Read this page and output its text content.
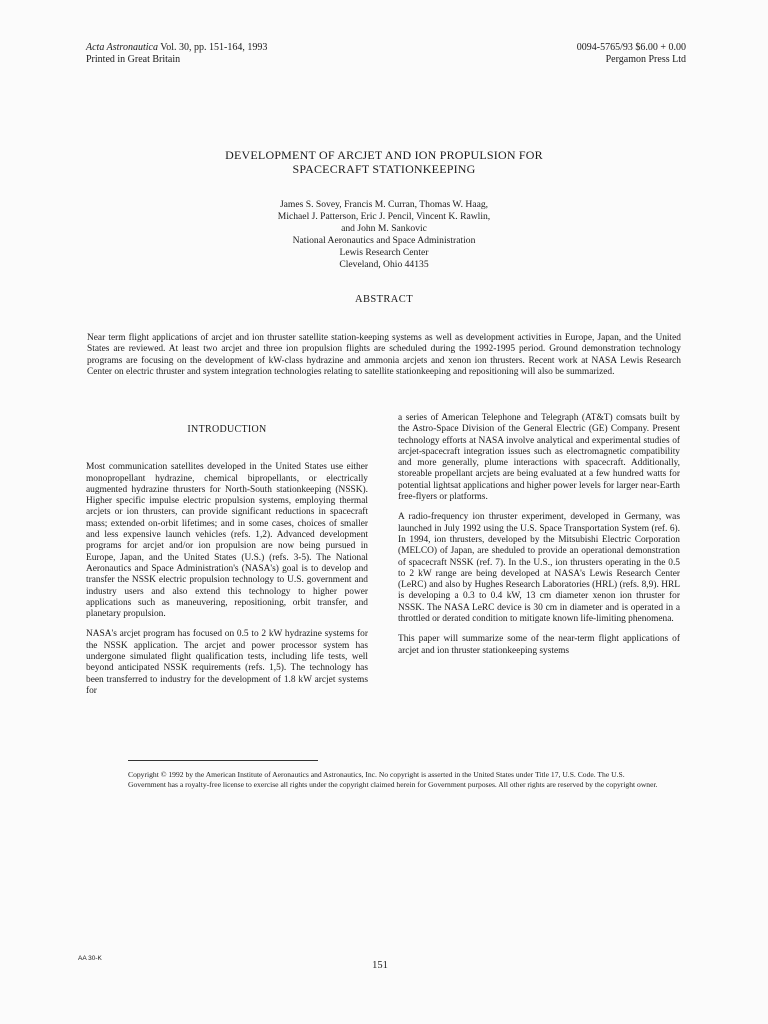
Acta Astronautica Vol. 30, pp. 151-164, 1993
Printed in Great Britain
0094-5765/93 $6.00 + 0.00
Pergamon Press Ltd
DEVELOPMENT OF ARCJET AND ION PROPULSION FOR
SPACECRAFT STATIONKEEPING
James S. Sovey, Francis M. Curran, Thomas W. Haag,
Michael J. Patterson, Eric J. Pencil, Vincent K. Rawlin,
and John M. Sankovic
National Aeronautics and Space Administration
Lewis Research Center
Cleveland, Ohio 44135
ABSTRACT
Near term flight applications of arcjet and ion thruster satellite station-keeping systems as well as development activities in Europe, Japan, and the United States are reviewed. At least two arcjet and three ion propulsion flights are scheduled during the 1992-1995 period. Ground demonstration technology programs are focusing on the development of kW-class hydrazine and ammonia arcjets and xenon ion thrusters. Recent work at NASA Lewis Research Center on electric thruster and system integration technologies relating to satellite stationkeeping and repositioning will also be summarized.
INTRODUCTION

Most communication satellites developed in the United States use either monopropellant hydrazine, chemical bipropellants, or electrically augmented hydrazine thrusters for North-South stationkeeping (NSSK). Higher specific impulse electric propulsion systems, employing thermal arcjets or ion thrusters, can provide significant reductions in spacecraft mass; extended on-orbit lifetimes; and in some cases, choices of smaller and less expensive launch vehicles (refs. 1,2). Advanced development programs for arcjet and/or ion propulsion are now being pursued in Europe, Japan, and the United States (U.S.) (refs. 3-5). The National Aeronautics and Space Administration's (NASA's) goal is to develop and transfer the NSSK electric propulsion technology to U.S. government and industry users and also extend this technology to higher power applications such as maneuvering, repositioning, orbit transfer, and planetary propulsion.

NASA's arcjet program has focused on 0.5 to 2 kW hydrazine systems for the NSSK application. The arcjet and power processor system has undergone simulated flight qualification tests, including life tests, well beyond anticipated NSSK requirements (refs. 1,5). The technology has been transferred to industry for the development of 1.8 kW arcjet systems for

a series of American Telephone and Telegraph (AT&T) comsats built by the Astro-Space Division of the General Electric (GE) Company. Present technology efforts at NASA involve analytical and experimental studies of arcjet-spacecraft integration issues such as electromagnetic compatibility and more generally, plume interactions with spacecraft. Additionally, storeable propellant arcjets are being evaluated at a few hundred watts for potential lightsat applications and higher power levels for larger near-Earth free-flyers or platforms.

A radio-frequency ion thruster experiment, developed in Germany, was launched in July 1992 using the U.S. Space Transportation System (ref. 6). In 1994, ion thrusters, developed by the Mitsubishi Electric Corporation (MELCO) of Japan, are sheduled to provide an operational demonstration of spacecraft NSSK (ref. 7). In the U.S., ion thrusters operating in the 0.5 to 2 kW range are being developed at NASA's Lewis Research Center (LeRC) and also by Hughes Research Laboratories (HRL) (refs. 8,9). HRL is developing a 0.3 to 0.4 kW, 13 cm diameter xenon ion thruster for NSSK. The NASA LeRC device is 30 cm in diameter and is operated in a throttled or derated condition to mitigate known life-limiting phenomena.

This paper will summarize some of the near-term flight applications of arcjet and ion thruster stationkeeping systems

Copyright © 1992 by the American Institute of Aeronautics and Astronautics, Inc. No copyright is asserted in the United States under Title 17, U.S. Code. The U.S. Government has a royalty-free license to exercise all rights under the copyright claimed herein for Government purposes. All other rights are reserved by the copyright owner.
AA 30-K
151
